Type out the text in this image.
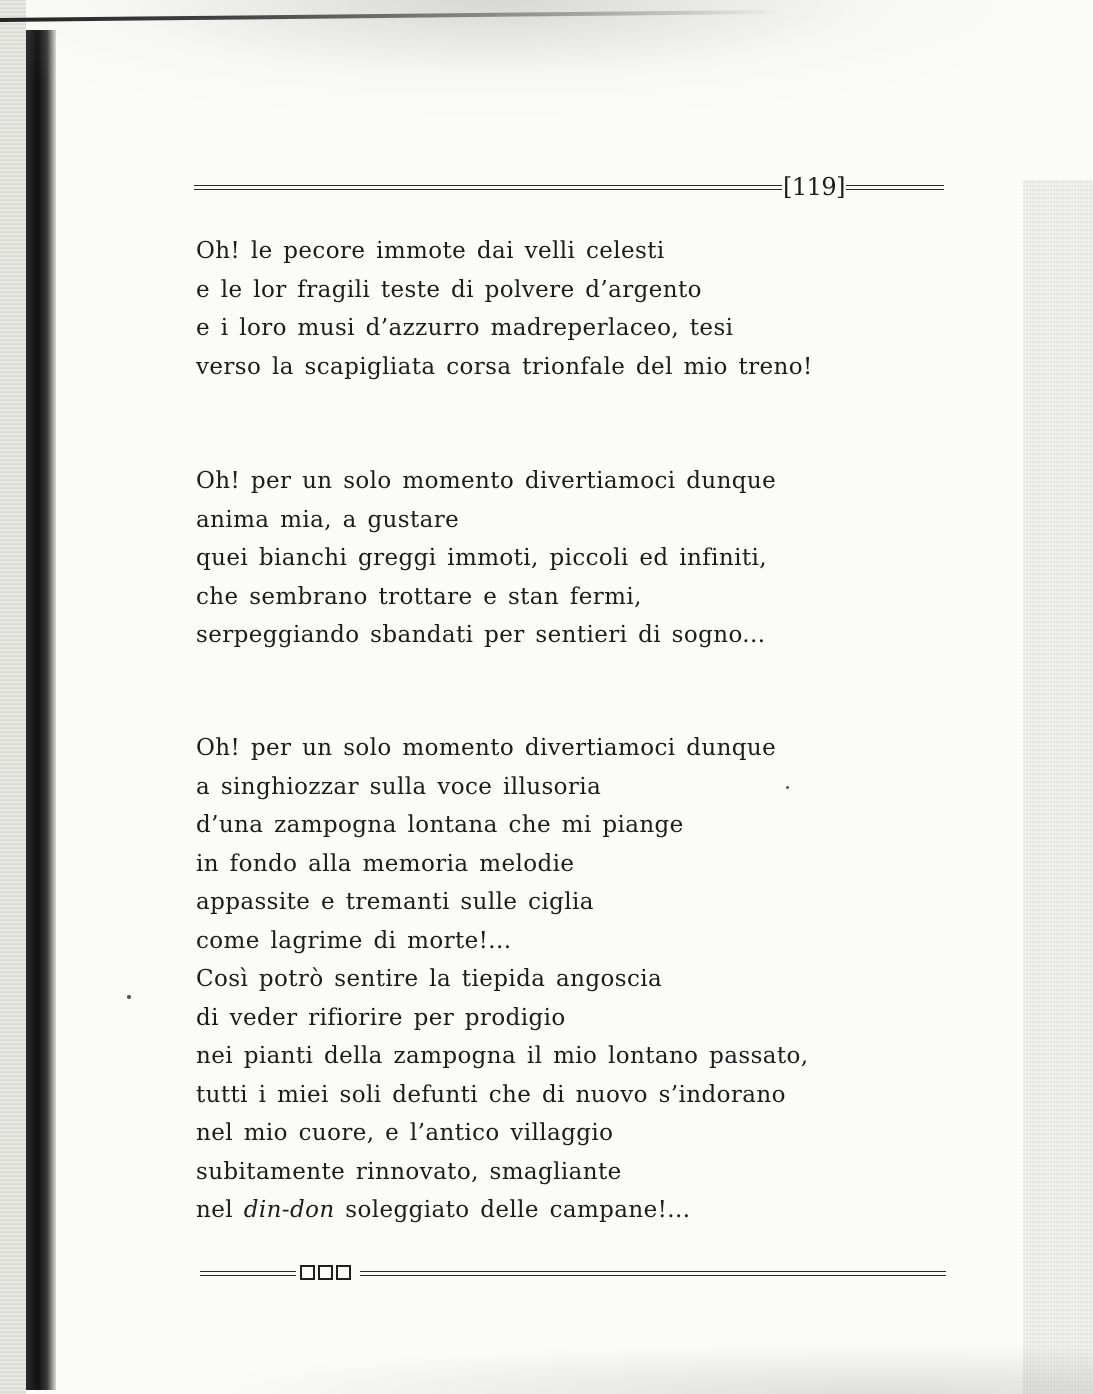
[119]
Oh! le pecore immote dai velli celesti
e le lor fragili teste di polvere d’argento
e i loro musi d’azzurro madreperlaceo, tesi
verso la scapigliata corsa trionfale del mio treno!
Oh! per un solo momento divertiamoci dunque
anima mia, a gustare
quei bianchi greggi immoti, piccoli ed infiniti,
che sembrano trottare e stan fermi,
serpeggiando sbandati per sentieri di sogno...
Oh! per un solo momento divertiamoci dunque
a singhiozzar sulla voce illusoria
d’una zampogna lontana che mi piange
in fondo alla memoria melodie
appassite e tremanti sulle ciglia
come lagrime di morte!...
Così potrò sentire la tiepida angoscia
di veder rifiorire per prodigio
nei pianti della zampogna il mio lontano passato,
tutti i miei soli defunti che di nuovo s’indorano
nel mio cuore, e l’antico villaggio
subitamente rinnovato, smagliante
nel din-don soleggiato delle campane!...
